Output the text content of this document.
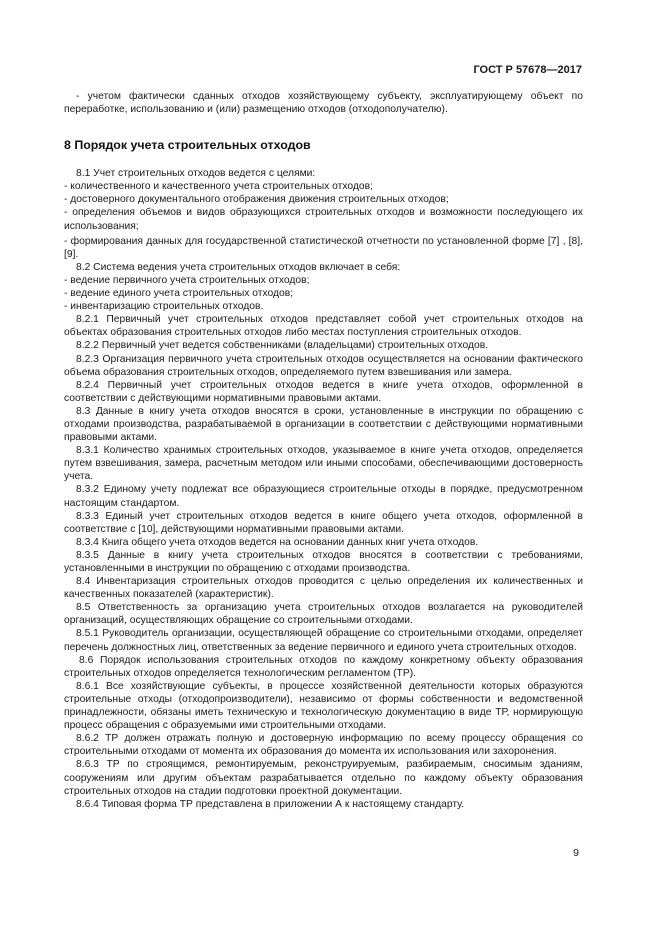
ГОСТ Р 57678—2017

- учетом фактически сданных отходов хозяйствующему субъекту, эксплуатирующему объект по переработке, использованию и (или) размещению отходов (отходополучателю).

8 Порядок учета строительных отходов

8.1 Учет строительных отходов ведется с целями:

- количественного и качественного учета строительных отходов;

- достоверного документального отображения движения строительных отходов;

- определения объемов и видов образующихся строительных отходов и возможности последующего их использования;

- формирования данных для государственной статистической отчетности по установленной форме [7] , [8], [9].

8.2 Система ведения учета строительных отходов включает в себя:

- ведение первичного учета строительных отходов;

- ведение единого учета строительных отходов;

- инвентаризацию строительных отходов.

8.2.1 Первичный учет строительных отходов представляет собой учет строительных отходов на объектах образования строительных отходов либо местах поступления строительных отходов.

8.2.2 Первичный учет ведется собственниками (владельцами) строительных отходов.

8.2.3 Организация первичного учета строительных отходов осуществляется на основании фактического объема образования строительных отходов, определяемого путем взвешивания или замера.

8.2.4 Первичный учет строительных отходов ведется в книге учета отходов, оформленной в соответствии с действующими нормативными правовыми актами.

8.3 Данные в книгу учета отходов вносятся в сроки, установленные в инструкции по обращению с отходами производства, разрабатываемой в организации в соответствии с действующими нормативными правовыми актами.

8.3.1 Количество хранимых строительных отходов, указываемое в книге учета отходов, определяется путем взвешивания, замера, расчетным методом или иными способами, обеспечивающими достоверность учета.

8.3.2 Единому учету подлежат все образующиеся строительные отходы в порядке, предусмотренном настоящим стандартом.

8.3.3 Единый учет строительных отходов ведется в книге общего учета отходов, оформленной в соответствие с [10], действующими нормативными правовыми актами.

8.3.4 Книга общего учета отходов ведется на основании данных книг учета отходов.

8.3.5 Данные в книгу учета строительных отходов вносятся в соответствии с требованиями, установленными в инструкции по обращению с отходами производства.

8.4 Инвентаризация строительных отходов проводится с целью определения их количественных и качественных показателей (характеристик).

8.5 Ответственность за организацию учета строительных отходов возлагается на руководителей организаций, осуществляющих обращение со строительными отходами.

8.5.1 Руководитель организации, осуществляющей обращение со строительными отходами, определяет перечень должностных лиц, ответственных за ведение первичного и единого учета строительных отходов.

8.6 Порядок использования строительных отходов по каждому конкретному объекту образования строительных отходов определяется технологическим регламентом (ТР).

8.6.1 Все хозяйствующие субъекты, в процессе хозяйственной деятельности которых образуются строительные отходы (отходопроизводители), независимо от формы собственности и ведомственной принадлежности, обязаны иметь техническую и технологическую документацию в виде ТР, нормирующую процесс обращения с образуемыми ими строительными отходами.

8.6.2 ТР должен отражать полную и достоверную информацию по всему процессу обращения со строительными отходами от момента их образования до момента их использования или захоронения.

8.6.3 ТР по строящимся, ремонтируемым, реконструируемым, разбираемым, сносимым зданиям, сооружениям или другим объектам разрабатывается отдельно по каждому объекту образования строительных отходов на стадии подготовки проектной документации.

8.6.4 Типовая форма ТР представлена в приложении А к настоящему стандарту.

9
